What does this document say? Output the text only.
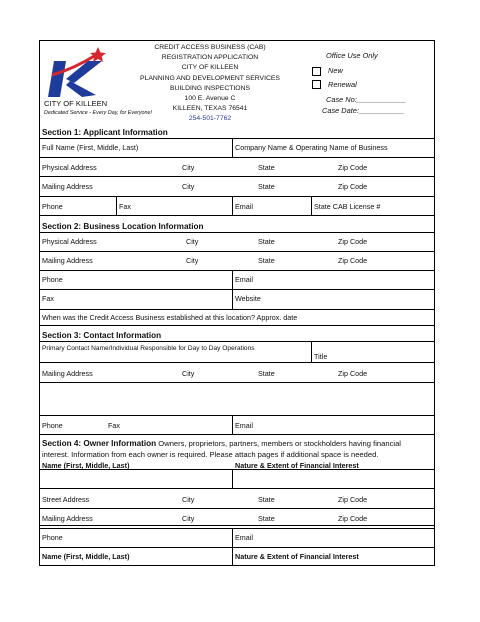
CITY OF KILLEEN
Dedicated Service - Every Day, for Everyone!
CREDIT ACCESS BUSINESS (CAB)
REGISTRATION APPLICATION
CITY OF KILLEEN
PLANNING AND DEVELOPMENT SERVICES
BUILDING INSPECTIONS
100 E. Avenue C
KILLEEN, TEXAS 76541
254-501-7762
Office Use Only
New
Renewal
Case No:____________
Case Date:___________
Section 1: Applicant Information
Full Name (First, Middle, Last)	Company Name & Operating Name of Business
Physical Address	City	State	Zip Code
Mailing Address	City	State	Zip Code
Phone	Fax	Email	State CAB License #
Section 2: Business Location Information
Physical Address	City	State	Zip Code
Mailing Address	City	State	Zip Code
Phone	Email
Fax	Website
When was the Credit Access Business established at this location? Approx. date
Section 3: Contact Information
Primary Contact Name/Individual Responsible for Day to Day Operations
Title
Mailing Address	City	State	Zip Code
Phone	Fax	Email
Section 4: Owner Information Owners, proprietors, partners, members or stockholders having financial
interest. Information from each owner is required. Please attach pages if additional space is needed.
Name (First, Middle, Last)	Nature & Extent of Financial Interest
Street Address	City	State	Zip Code
Mailing Address	City	State	Zip Code
Phone	Email
Name (First, Middle, Last)	Nature & Extent of Financial Interest
